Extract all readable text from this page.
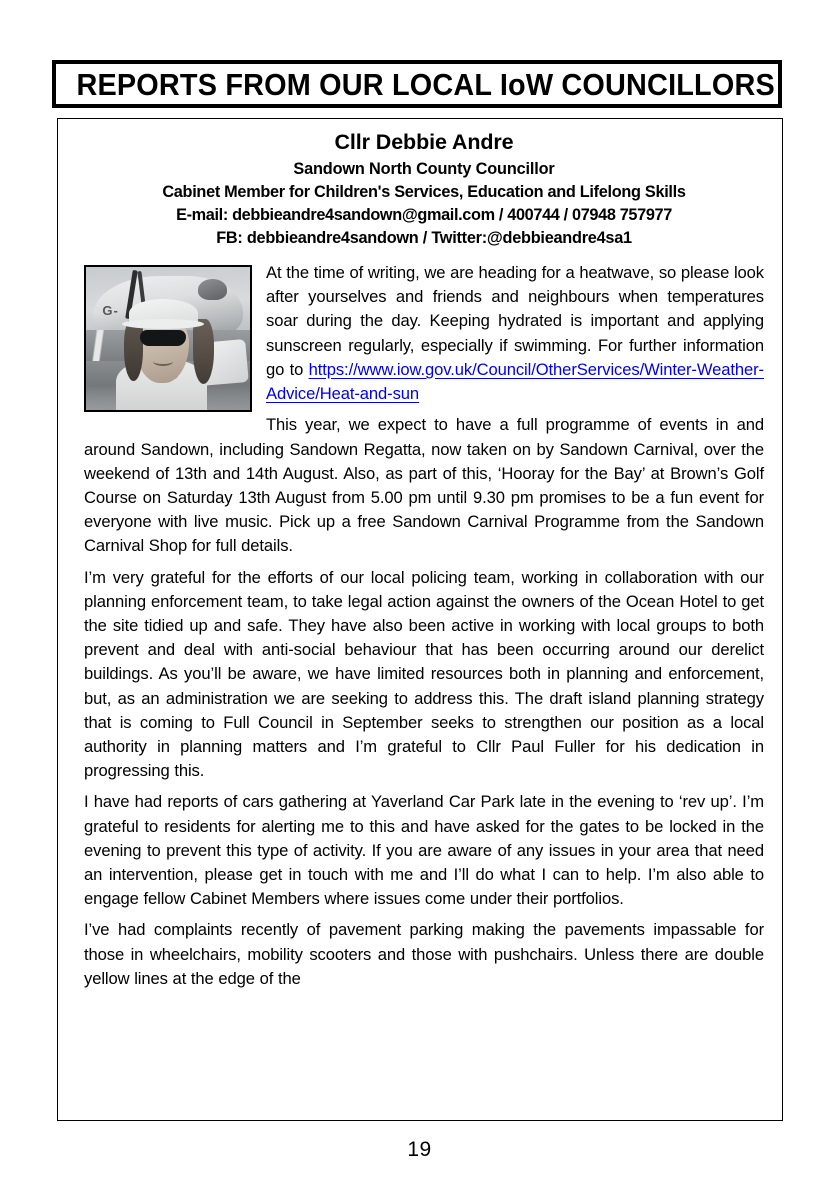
REPORTS FROM OUR LOCAL IoW COUNCILLORS
Cllr Debbie Andre
Sandown North County Councillor
Cabinet Member for Children's Services, Education and Lifelong Skills
E-mail: debbieandre4sandown@gmail.com / 400744 / 07948 757977
FB: debbieandre4sandown / Twitter:@debbieandre4sa1

G-
At the time of writing, we are heading for a heatwave, so please look after yourselves and friends and neighbours when temperatures soar during the day. Keeping hydrated is important and applying sunscreen regularly, especially if swimming. For further information go to https://www.iow.gov.uk/Council/OtherServices/Winter-Weather-Advice/Heat-and-sun

This year, we expect to have a full programme of events in and around Sandown, including Sandown Regatta, now taken on by Sandown Carnival, over the weekend of 13th and 14th August. Also, as part of this, ‘Hooray for the Bay’ at Brown’s Golf Course on Saturday 13th August from 5.00 pm until 9.30 pm promises to be a fun event for everyone with live music. Pick up a free Sandown Carnival Programme from the Sandown Carnival Shop for full details.

I’m very grateful for the efforts of our local policing team, working in collaboration with our planning enforcement team, to take legal action against the owners of the Ocean Hotel to get the site tidied up and safe. They have also been active in working with local groups to both prevent and deal with anti-social behaviour that has been occurring around our derelict buildings. As you’ll be aware, we have limited resources both in planning and enforcement, but, as an administration we are seeking to address this. The draft island planning strategy that is coming to Full Council in September seeks to strengthen our position as a local authority in planning matters and I’m grateful to Cllr Paul Fuller for his dedication in progressing this.

I have had reports of cars gathering at Yaverland Car Park late in the evening to ‘rev up’. I’m grateful to residents for alerting me to this and have asked for the gates to be locked in the evening to prevent this type of activity. If you are aware of any issues in your area that need an intervention, please get in touch with me and I’ll do what I can to help. I’m also able to engage fellow Cabinet Members where issues come under their portfolios.

I’ve had complaints recently of pavement parking making the pavements impassable for those in wheelchairs, mobility scooters and those with pushchairs. Unless there are double yellow lines at the edge of the

19
